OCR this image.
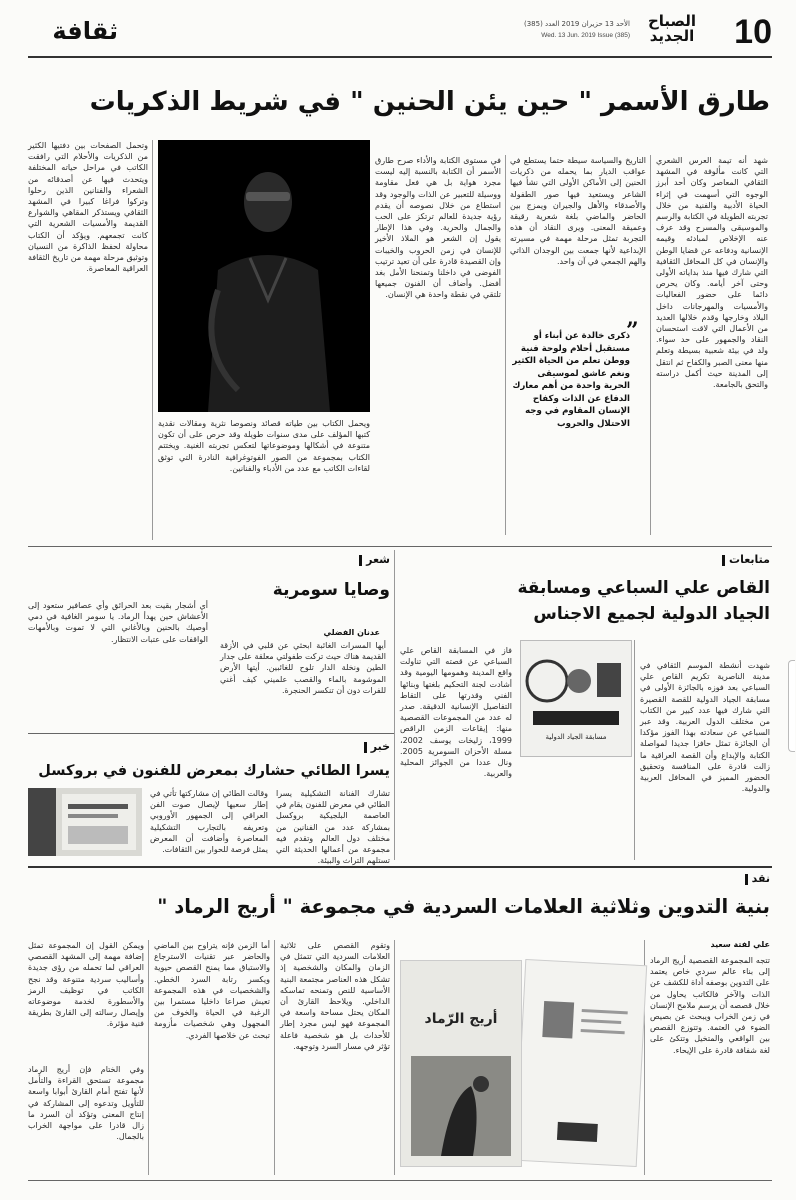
10
الصباح
الجديد
الأحد 13 حزيران 2019 العدد (385)
Wed. 13 Jun. 2019 Issue (385)
ثقافة
طارق الأسمر " حين يئن الحنين " في شريط الذكريات

شهد أنه تيمة العرس الشعري التي كانت مألوفة في المشهد الثقافي المعاصر وكان أحد أبرز الوجوه التي أسهمت في إثراء الحياة الأدبية والفنية من خلال تجربته الطويلة في الكتابة والرسم والموسيقى والمسرح وقد عرف عنه الإخلاص لمبادئه وقيمه الإنسانية ودفاعه عن قضايا الوطن والإنسان في كل المحافل الثقافية التي شارك فيها منذ بداياته الأولى وحتى آخر أيامه. وكان يحرص دائما على حضور الفعاليات والأمسيات والمهرجانات داخل البلاد وخارجها وقدم خلالها العديد من الأعمال التي لاقت استحسان النقاد والجمهور على حد سواء. ولد في بيئة شعبية بسيطة وتعلم منها معنى الصبر والكفاح ثم انتقل إلى المدينة حيث أكمل دراسته والتحق بالجامعة.

التاريخ والسياسة سيطة حتما يستطع في عواقب الديار بما يحمله من ذكريات الحنين إلى الأماكن الأولى التي نشأ فيها الشاعر ويستعيد فيها صور الطفولة والأصدقاء والأهل والجيران ويمزج بين الحاضر والماضي بلغة شعرية رقيقة وعميقة المعنى. ويرى النقاد أن هذه التجربة تمثل مرحلة مهمة في مسيرته الإبداعية لأنها جمعت بين الوجدان الذاتي والهم الجمعي في آن واحد.

ذكرى خالدة عن أبناء أو مستقبل أحلام ولوحة فنية ووطن تعلم من الحياة الكثير ونغم عاشق لموسيقى الحرية واحدة من أهم معارك الدفاع عن الذات وكفاح الإنسان المقاوم في وجه الاحتلال والحروب
”

في مستوى الكتابة والأداء صرح طارق الأسمر أن الكتابة بالنسبة إليه ليست مجرد هواية بل هي فعل مقاومة ووسيلة للتعبير عن الذات والوجود وقد استطاع من خلال نصوصه أن يقدم رؤية جديدة للعالم ترتكز على الحب والجمال والحرية. وفي هذا الإطار يقول إن الشعر هو الملاذ الأخير للإنسان في زمن الحروب والخيبات وإن القصيدة قادرة على أن تعيد ترتيب الفوضى في داخلنا وتمنحنا الأمل بغد أفضل. وأضاف أن الفنون جميعها تلتقي في نقطة واحدة هي الإنسان.

ويحمل الكتاب بين طياته قصائد ونصوصا نثرية ومقالات نقدية كتبها المؤلف على مدى سنوات طويلة وقد حرص على أن تكون متنوعة في أشكالها وموضوعاتها لتعكس تجربته الغنية. ويختتم الكتاب بمجموعة من الصور الفوتوغرافية النادرة التي توثق لقاءات الكاتب مع عدد من الأدباء والفنانين.

وتحمل الصفحات بين دفتيها الكثير من الذكريات والأحلام التي رافقت الكاتب في مراحل حياته المختلفة ويتحدث فيها عن أصدقائه من الشعراء والفنانين الذين رحلوا وتركوا فراغا كبيرا في المشهد الثقافي ويستذكر المقاهي والشوارع القديمة والأمسيات الشعرية التي كانت تجمعهم. ويؤكد أن الكتاب محاولة لحفظ الذاكرة من النسيان وتوثيق مرحلة مهمة من تاريخ الثقافة العراقية المعاصرة.

متابعات
القاص علي السباعي ومسابقة
الجياد الدولية لجميع الاجناس

شهدت أنشطة الموسم الثقافي في مدينة الناصرية تكريم القاص علي السباعي بعد فوزه بالجائزة الأولى في مسابقة الجياد الدولية للقصة القصيرة التي شارك فيها عدد كبير من الكتاب من مختلف الدول العربية. وقد عبر السباعي عن سعادته بهذا الفوز مؤكدا أن الجائزة تمثل حافزا جديدا لمواصلة الكتابة والإبداع وأن القصة العراقية ما زالت قادرة على المنافسة وتحقيق الحضور المميز في المحافل العربية والدولية.

مسابقة الجياد الدولية

فاز في المسابقة القاص علي السباعي عن قصته التي تناولت واقع المدينة وهمومها اليومية وقد أشادت لجنة التحكيم بلغتها وبنائها الفني وقدرتها على التقاط التفاصيل الإنسانية الدقيقة. صدر له عدد من المجموعات القصصية منها: إيقاعات الزمن الراقص 1999، زليخات يوسف 2002، مسلة الأحزان السومرية 2005. ونال عددا من الجوائز المحلية والعربية.

شعر
وصايا سومرية
عدنان الفضلي

أيها المسرات الغائبة ابحثي عن قلبي في الأزقة القديمة هناك حيث تركت طفولتي معلقة على جدار الطين ونخلة الدار تلوح للغائبين. أيتها الأرض الموشومة بالماء والقصب علميني كيف أغني للفرات دون أن تنكسر الحنجرة.

أي أشجار بقيت بعد الحرائق وأي عصافير ستعود إلى الأعشاش حين يهدأ الرماد. يا سومر الغافية في دمي أوصيك بالحنين وبالأغاني التي لا تموت وبالأمهات الواقفات على عتبات الانتظار.

خبر
يسرا الطائي حشارك بمعرض للفنون في بروكسل

تشارك الفنانة التشكيلية يسرا الطائي في معرض للفنون يقام في العاصمة البلجيكية بروكسل بمشاركة عدد من الفنانين من مختلف دول العالم وتقدم فيه مجموعة من أعمالها الحديثة التي تستلهم التراث والبيئة.

وقالت الطائي إن مشاركتها تأتي في إطار سعيها لإيصال صوت الفن العراقي إلى الجمهور الأوروبي وتعريفه بالتجارب التشكيلية المعاصرة وأضافت أن المعرض يمثل فرصة للحوار بين الثقافات.

نقد
بنية التدوين وثلاثية العلامات السردية في مجموعة " أريج الرماد "
علي لفتة سعيد

تتجه المجموعة القصصية أريج الرماد إلى بناء عالم سردي خاص يعتمد على التدوين بوصفه أداة للكشف عن الذات والآخر فالكاتب يحاول من خلال قصصه أن يرسم ملامح الإنسان في زمن الخراب ويبحث عن بصيص الضوء في العتمة. وتتوزع القصص بين الواقعي والمتخيل وتتكئ على لغة شفافة قادرة على الإيحاء.

أريج الرّماد

وتقوم القصص على ثلاثية العلامات السردية التي تتمثل في الزمان والمكان والشخصية إذ تشكل هذه العناصر مجتمعة البنية الأساسية للنص وتمنحه تماسكه الداخلي. ويلاحظ القارئ أن المكان يحتل مساحة واسعة في المجموعة فهو ليس مجرد إطار للأحداث بل هو شخصية فاعلة تؤثر في مسار السرد وتوجهه.

أما الزمن فإنه يتراوح بين الماضي والحاضر عبر تقنيات الاسترجاع والاستباق مما يمنح القصص حيوية ويكسر رتابة السرد الخطي. والشخصيات في هذه المجموعة تعيش صراعا داخليا مستمرا بين الرغبة في الحياة والخوف من المجهول وهي شخصيات مأزومة تبحث عن خلاصها الفردي.

ويمكن القول إن المجموعة تمثل إضافة مهمة إلى المشهد القصصي العراقي لما تحمله من رؤى جديدة وأساليب سردية متنوعة وقد نجح الكاتب في توظيف الرمز والأسطورة لخدمة موضوعاته وإيصال رسالته إلى القارئ بطريقة فنية مؤثرة.

وفي الختام فإن أريج الرماد مجموعة تستحق القراءة والتأمل لأنها تفتح أمام القارئ أبوابا واسعة للتأويل وتدعوه إلى المشاركة في إنتاج المعنى وتؤكد أن السرد ما زال قادرا على مواجهة الخراب بالجمال.
